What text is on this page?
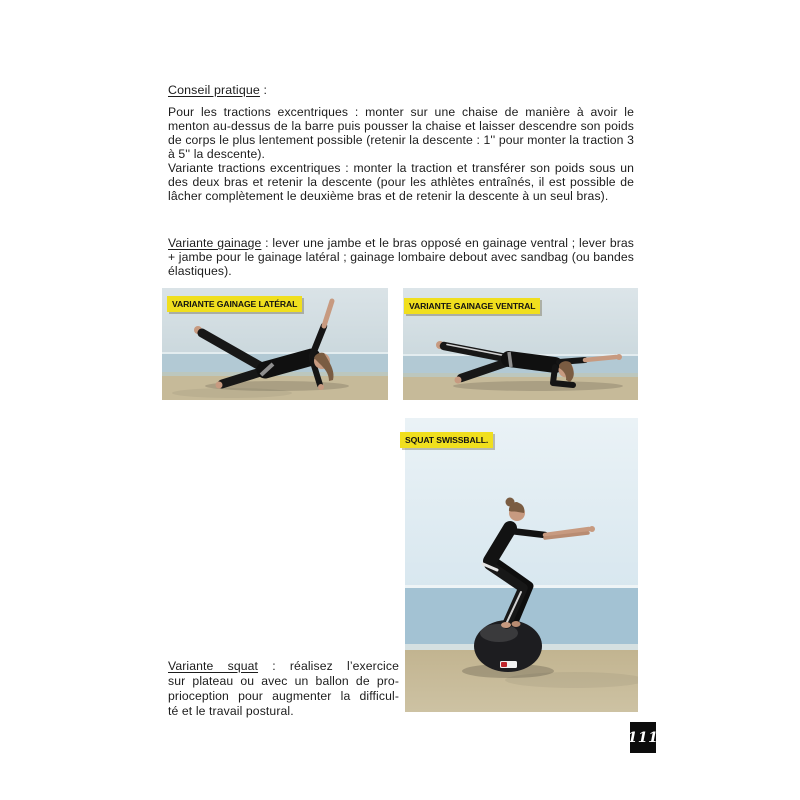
Conseil pratique :

Pour les tractions excentriques : monter sur une chaise de manière à avoir le menton au-dessus de la barre puis pousser la chaise et laisser descendre son poids de corps le plus lentement possible (retenir la descente : 1'' pour monter la traction 3 à 5'' la descente).

Variante tractions excentriques : monter la traction et transférer son poids sous un des deux bras et retenir la descente (pour les athlètes entraînés, il est possible de lâcher complètement le deuxième bras et de retenir la descente à un seul bras).

Variante gainage : lever une jambe et le bras opposé en gainage ventral ; lever bras + jambe pour le gainage latéral ; gainage lombaire debout avec sandbag (ou bandes élastiques).

VARIANTE GAINAGE LATÉRAL	VARIANTE GAINAGE VENTRAL
SQUAT SWISSBALL.
Variante squat : réalisez l’exercice
sur plateau ou avec un ballon de pro-
prioception pour augmenter la difficul-
té et le travail postural.
111
